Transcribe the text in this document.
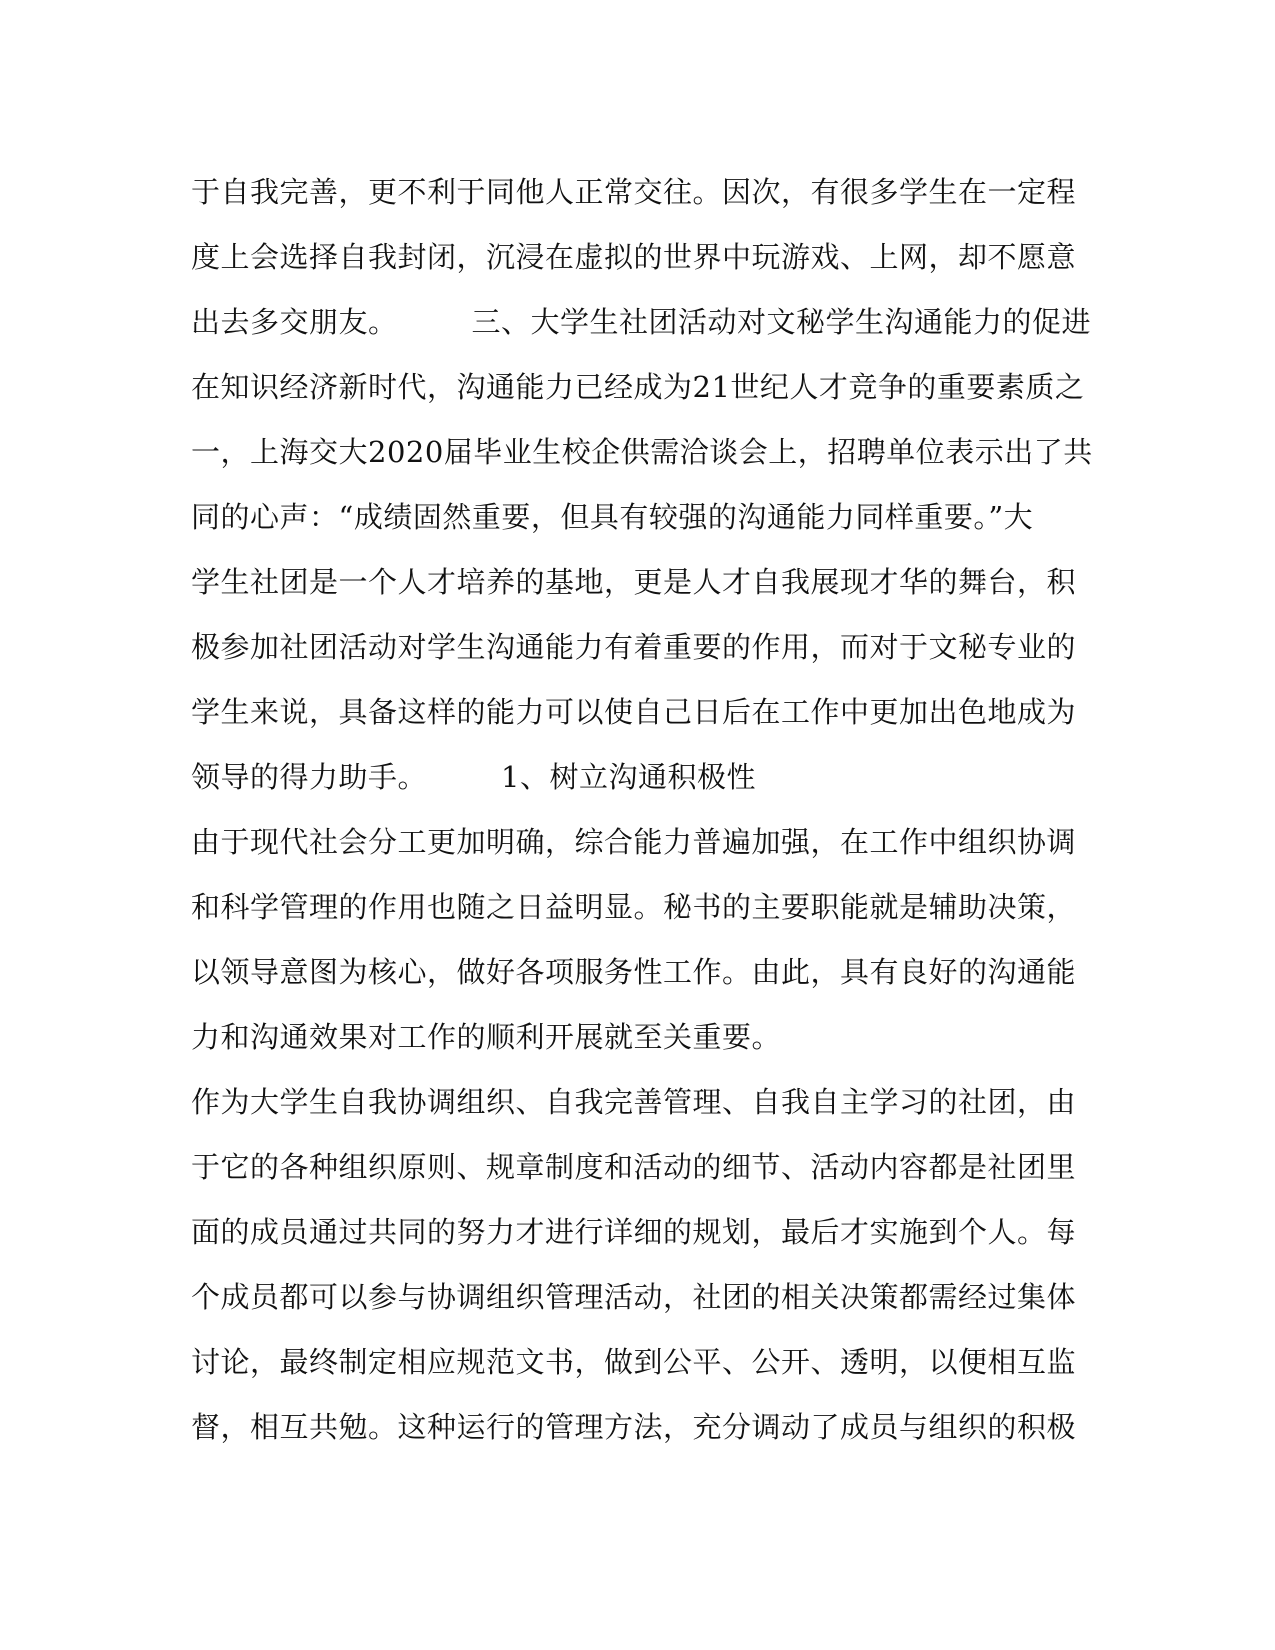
于自我完善，更不利于同他人正常交往。因次，有很多学生在一定程
度上会选择自我封闭，沉浸在虚拟的世界中玩游戏、上网，却不愿意
出去多交朋友。　　　三、大学生社团活动对文秘学生沟通能力的促进
在知识经济新时代，沟通能力已经成为21世纪人才竞争的重要素质之
一，上海交大2020届毕业生校企供需洽谈会上，招聘单位表示出了共
同的心声：“成绩固然重要，但具有较强的沟通能力同样重要。”大
学生社团是一个人才培养的基地，更是人才自我展现才华的舞台，积
极参加社团活动对学生沟通能力有着重要的作用，而对于文秘专业的
学生来说，具备这样的能力可以使自己日后在工作中更加出色地成为
领导的得力助手。　　　1、树立沟通积极性
由于现代社会分工更加明确，综合能力普遍加强，在工作中组织协调
和科学管理的作用也随之日益明显。秘书的主要职能就是辅助决策，
以领导意图为核心，做好各项服务性工作。由此，具有良好的沟通能
力和沟通效果对工作的顺利开展就至关重要。
作为大学生自我协调组织、自我完善管理、自我自主学习的社团，由
于它的各种组织原则、规章制度和活动的细节、活动内容都是社团里
面的成员通过共同的努力才进行详细的规划，最后才实施到个人。每
个成员都可以参与协调组织管理活动，社团的相关决策都需经过集体
讨论，最终制定相应规范文书，做到公平、公开、透明，以便相互监
督，相互共勉。这种运行的管理方法，充分调动了成员与组织的积极
